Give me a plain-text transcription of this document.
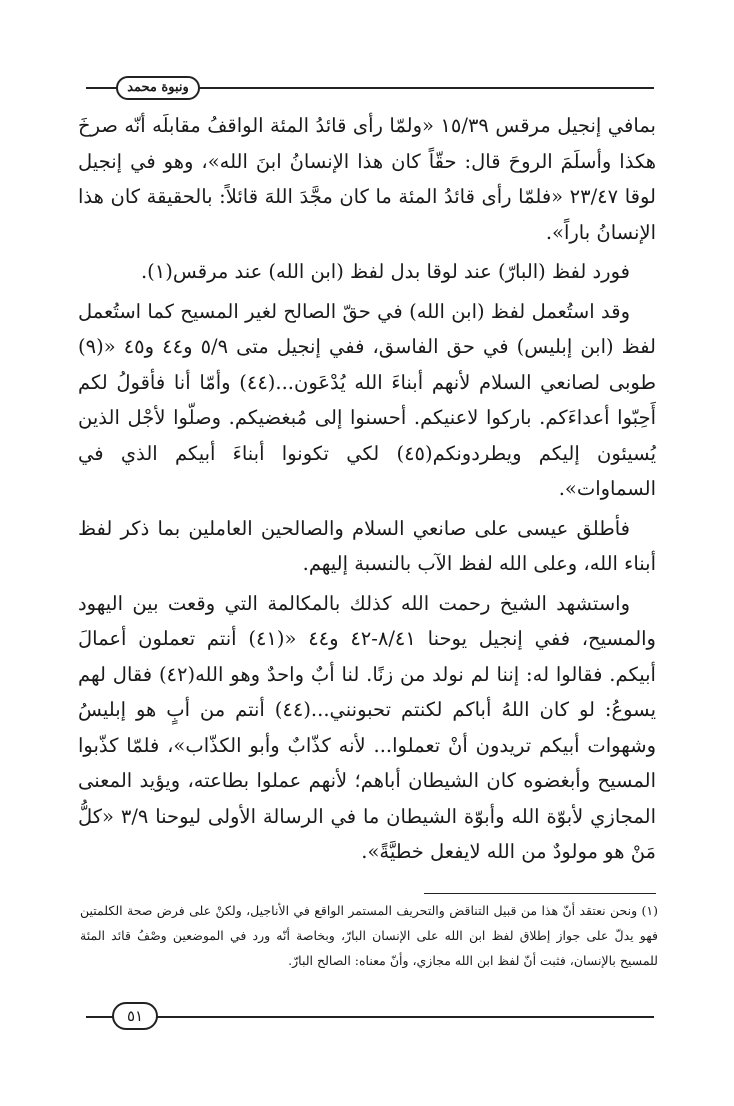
ونبوة محمد

بمافي إنجيل مرقس ١٥/٣٩ «ولمّا رأى قائدُ المئة الواقفُ مقابلَه أنّه صرخَ هكذا وأسلَمَ الروحَ قال: حقّاً كان هذا الإنسانُ ابنَ الله»، وهو في إنجيل لوقا ٢٣/٤٧ «فلمّا رأى قائدُ المئة ما كان مجَّدَ اللهَ قائلاً: بالحقيقة كان هذا الإنسانُ باراً».

فورد لفظ (البارّ) عند لوقا بدل لفظ (ابن الله) عند مرقس(١).

وقد استُعمل لفظ (ابن الله) في حقّ الصالح لغير المسيح كما استُعمل لفظ (ابن إبليس) في حق الفاسق، ففي إنجيل متى ٥/٩ و٤٤ و٤٥ «(٩) طوبى لصانعي السلام لأنهم أبناءَ الله يُدْعَون...(٤٤) وأمّا أنا فأقولُ لكم أَحِبّوا أعداءَكم. باركوا لاعنيكم. أحسنوا إلى مُبغضيكم. وصلّوا لأجْل الذين يُسيئون إليكم ويطردونكم(٤٥) لكي تكونوا أبناءَ أبيكم الذي في السماوات».

فأطلق عيسى على صانعي السلام والصالحين العاملين بما ذكر لفظ أبناء الله، وعلى الله لفظ الآب بالنسبة إليهم.

واستشهد الشيخ رحمت الله كذلك بالمكالمة التي وقعت بين اليهود والمسيح، ففي إنجيل يوحنا ٨/٤١-٤٢ و٤٤ «(٤١) أنتم تعملون أعمالَ أبيكم. فقالوا له: إننا لم نولد من زنًا. لنا أبٌ واحدٌ وهو الله(٤٢) فقال لهم يسوعُ: لو كان اللهُ أباكم لكنتم تحبونني...(٤٤) أنتم من أبٍ هو إبليسُ وشهوات أبيكم تريدون أنْ تعملوا... لأنه كذّابٌ وأبو الكذّاب»، فلمّا كذّبوا المسيح وأبغضوه كان الشيطان أباهم؛ لأنهم عملوا بطاعته، ويؤيد المعنى المجازي لأبوّة الله وأبوّة الشيطان ما في الرسالة الأولى ليوحنا ٣/٩ «كلُّ مَنْ هو مولودٌ من الله لايفعل خطيَّةً».

(١) ونحن نعتقد أنّ هذا من قبيل التناقض والتحريف المستمر الواقع في الأناجيل، ولكنْ على فرض صحة الكلمتين فهو يدلّ على جواز إطلاق لفظ ابن الله على الإنسان البارّ، وبخاصة أنّه ورد في الموضعين وصْفُ قائد المئة للمسيح بالإنسان، فثبت أنّ لفظ ابن الله مجازي، وأنّ معناه: الصالح البارّ.

٥١
